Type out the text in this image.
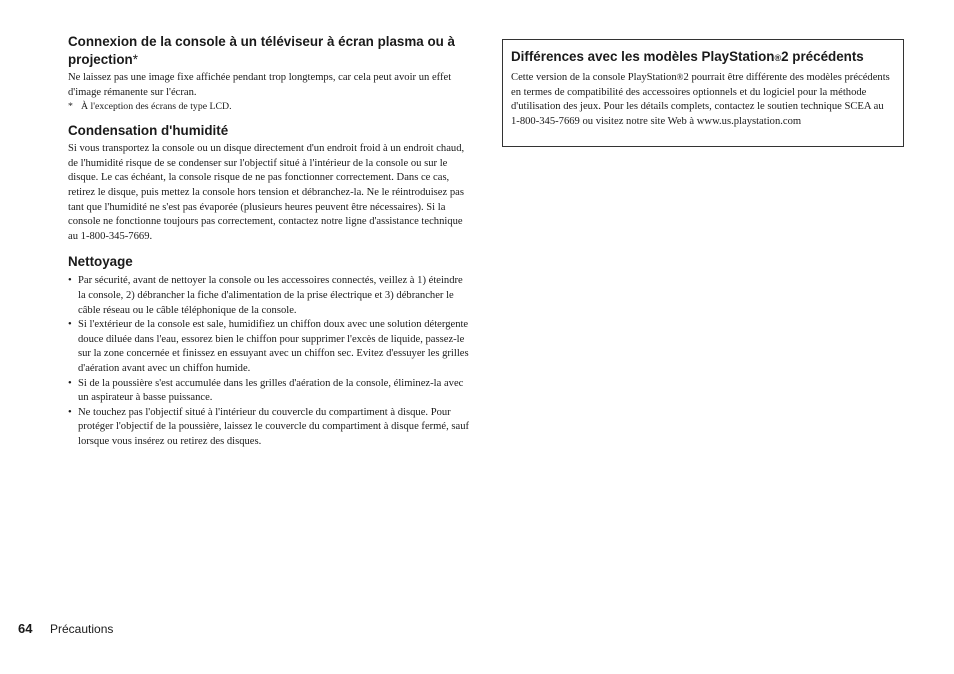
Connexion de la console à un téléviseur à écran plasma ou à projection*

Ne laissez pas une image fixe affichée pendant trop longtemps, car cela peut avoir un effet d'image rémanente sur l'écran.

* À l'exception des écrans de type LCD.
Condensation d'humidité

Si vous transportez la console ou un disque directement d'un endroit froid à un endroit chaud, de l'humidité risque de se condenser sur l'objectif situé à l'intérieur de la console ou sur le disque. Le cas échéant, la console risque de ne pas fonctionner correctement. Dans ce cas, retirez le disque, puis mettez la console hors tension et débranchez-la. Ne le réintroduisez pas tant que l'humidité ne s'est pas évaporée (plusieurs heures peuvent être nécessaires). Si la console ne fonctionne toujours pas correctement, contactez notre ligne d'assistance technique au 1-800-345-7669.

Nettoyage
• Par sécurité, avant de nettoyer la console ou les accessoires connectés, veillez à 1) éteindre la console, 2) débrancher la fiche d'alimentation de la prise électrique et 3) débrancher le câble réseau ou le câble téléphonique de la console.
• Si l'extérieur de la console est sale, humidifiez un chiffon doux avec une solution détergente douce diluée dans l'eau, essorez bien le chiffon pour supprimer l'excès de liquide, passez-le sur la zone concernée et finissez en essuyant avec un chiffon sec. Evitez d'essuyer les grilles d'aération avant avec un chiffon humide.
• Si de la poussière s'est accumulée dans les grilles d'aération de la console, éliminez-la avec un aspirateur à basse puissance.
• Ne touchez pas l'objectif situé à l'intérieur du couvercle du compartiment à disque. Pour protéger l'objectif de la poussière, laissez le couvercle du compartiment à disque fermé, sauf lorsque vous insérez ou retirez des disques.
Différences avec les modèles PlayStation®2 précédents

Cette version de la console PlayStation®2 pourrait être différente des modèles précédents en termes de compatibilité des accessoires optionnels et du logiciel pour la méthode d'utilisation des jeux. Pour les détails complets, contactez le soutien technique SCEA au 1-800-345-7669 ou visitez notre site Web à www.us.playstation.com

64	Précautions
